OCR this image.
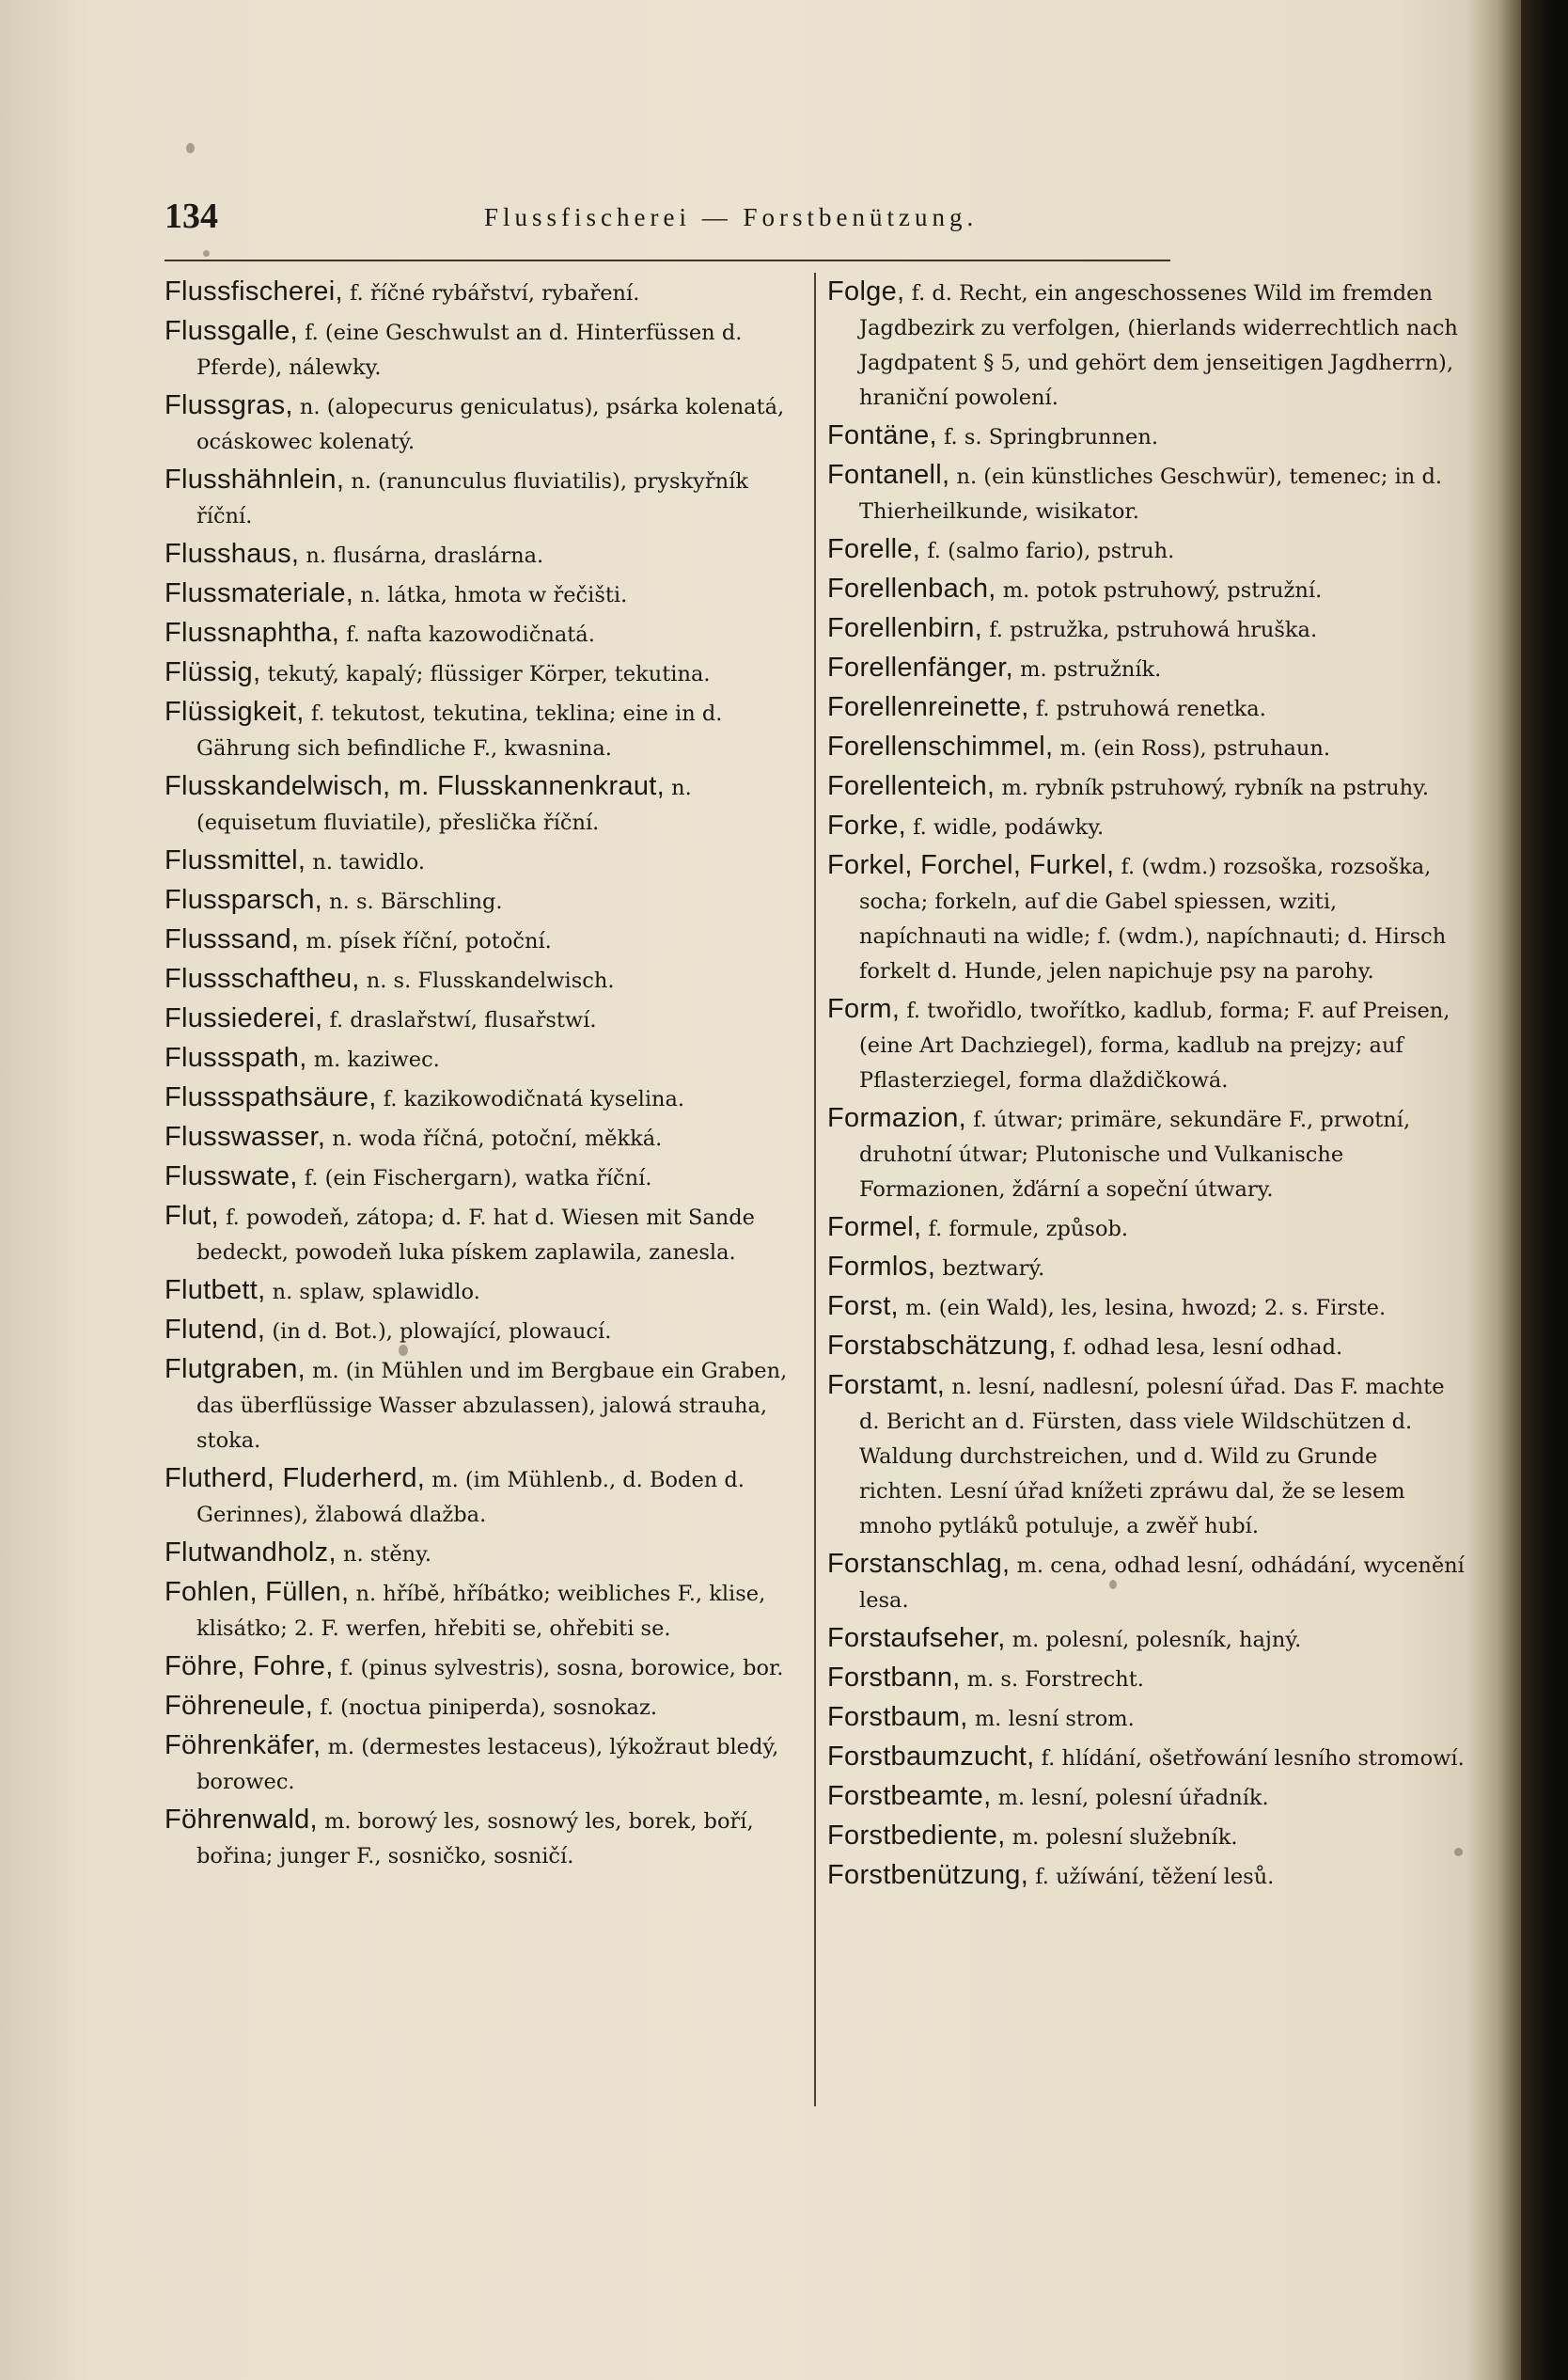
134	Flussfischerei — Forstbenützung.
Flussfischerei, f. říčné rybářství, rybaření.
Flussgalle, f. (eine Geschwulst an d. Hinterfüssen d. Pferde), nálewky.
Flussgras, n. (alopecurus geniculatus), psárka kolenatá, ocáskowec kolenatý.
Flusshähnlein, n. (ranunculus fluviatilis), pryskyřník říční.
Flusshaus, n. flusárna, draslárna.
Flussmateriale, n. látka, hmota w řečišti.
Flussnaphtha, f. nafta kazowodičnatá.
Flüssig, tekutý, kapalý; flüssiger Körper, tekutina.
Flüssigkeit, f. tekutost, tekutina, teklina; eine in d. Gährung sich befindliche F., kwasnina.
Flusskandelwisch, m. Flusskannenkraut, n. (equisetum fluviatile), přeslička říční.
Flussmittel, n. tawidlo.
Flussparsch, n. s. Bärschling.
Flusssand, m. písek říční, potoční.
Flussschaftheu, n. s. Flusskandelwisch.
Flussiederei, f. draslařstwí, flusařstwí.
Flussspath, m. kaziwec.
Flussspathsäure, f. kazikowodičnatá kyselina.
Flusswasser, n. woda říčná, potoční, měkká.
Flusswate, f. (ein Fischergarn), watka říční.
Flut, f. powodeň, zátopa; d. F. hat d. Wiesen mit Sande bedeckt, powodeň luka pískem zaplawila, zanesla.
Flutbett, n. splaw, splawidlo.
Flutend, (in d. Bot.), plowající, plowaucí.
Flutgraben, m. (in Mühlen und im Bergbaue ein Graben, das überflüssige Wasser abzulassen), jalowá strauha, stoka.
Flutherd, Fluderherd, m. (im Mühlenb., d. Boden d. Gerinnes), žlabowá dlažba.
Flutwandholz, n. stěny.
Fohlen, Füllen, n. hříbě, hříbátko; weibliches F., klise, klisátko; 2. F. werfen, hřebiti se, ohřebiti se.
Föhre, Fohre, f. (pinus sylvestris), sosna, borowice, bor.
Föhreneule, f. (noctua piniperda), sosnokaz.
Föhrenkäfer, m. (dermestes lestaceus), lýkožraut bledý, borowec.
Föhrenwald, m. borowý les, sosnowý les, borek, boří, bořina; junger F., sosničko, sosničí.
Folge, f. d. Recht, ein angeschossenes Wild im fremden Jagdbezirk zu verfolgen, (hierlands widerrechtlich nach Jagdpatent § 5, und gehört dem jenseitigen Jagdherrn), hraniční powolení.
Fontäne, f. s. Springbrunnen.
Fontanell, n. (ein künstliches Geschwür), temenec; in d. Thierheilkunde, wisikator.
Forelle, f. (salmo fario), pstruh.
Forellenbach, m. potok pstruhowý, pstružní.
Forellenbirn, f. pstružka, pstruhowá hruška.
Forellenfänger, m. pstružník.
Forellenreinette, f. pstruhowá renetka.
Forellenschimmel, m. (ein Ross), pstruhaun.
Forellenteich, m. rybník pstruhowý, rybník na pstruhy.
Forke, f. widle, podáwky.
Forkel, Forchel, Furkel, f. (wdm.) rozsoška, rozsoška, socha; forkeln, auf die Gabel spiessen, wziti, napíchnauti na widle; f. (wdm.), napíchnauti; d. Hirsch forkelt d. Hunde, jelen napichuje psy na parohy.
Form, f. twořidlo, twořítko, kadlub, forma; F. auf Preisen, (eine Art Dachziegel), forma, kadlub na prejzy; auf Pflasterziegel, forma dlaždičkowá.
Formazion, f. útwar; primäre, sekundäre F., prwotní, druhotní útwar; Plutonische und Vulkanische Formazionen, žďární a sopeční útwary.
Formel, f. formule, způsob.
Formlos, beztwarý.
Forst, m. (ein Wald), les, lesina, hwozd; 2. s. Firste.
Forstabschätzung, f. odhad lesa, lesní odhad.
Forstamt, n. lesní, nadlesní, polesní úřad. Das F. machte d. Bericht an d. Fürsten, dass viele Wildschützen d. Waldung durchstreichen, und d. Wild zu Grunde richten. Lesní úřad knížeti zpráwu dal, že se lesem mnoho pytláků potuluje, a zwěř hubí.
Forstanschlag, m. cena, odhad lesní, odhádání, wycenění lesa.
Forstaufseher, m. polesní, polesník, hajný.
Forstbann, m. s. Forstrecht.
Forstbaum, m. lesní strom.
Forstbaumzucht, f. hlídání, ošetřowání lesního stromowí.
Forstbeamte, m. lesní, polesní úřadník.
Forstbediente, m. polesní služebník.
Forstbenützung, f. užíwání, těžení lesů.
